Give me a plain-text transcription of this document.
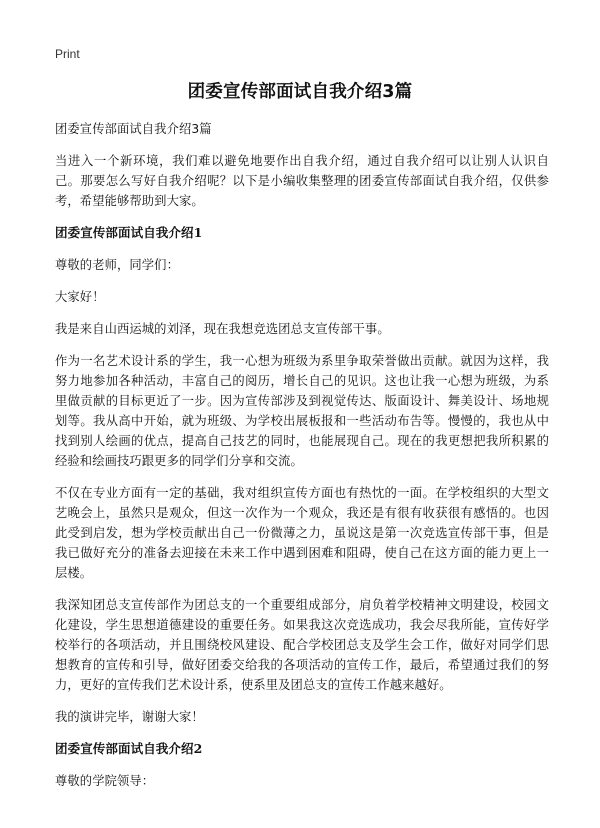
Print
团委宣传部面试自我介绍3篇

团委宣传部面试自我介绍3篇

当进入一个新环境，我们难以避免地要作出自我介绍，通过自我介绍可以让别人认识自己。那要怎么写好自我介绍呢？以下是小编收集整理的团委宣传部面试自我介绍，仅供参考，希望能够帮助到大家。

团委宣传部面试自我介绍1

尊敬的老师，同学们：

大家好！

我是来自山西运城的刘泽，现在我想竞选团总支宣传部干事。

作为一名艺术设计系的学生，我一心想为班级为系里争取荣誉做出贡献。就因为这样，我努力地参加各种活动，丰富自己的阅历，增长自己的见识。这也让我一心想为班级，为系里做贡献的目标更近了一步。因为宣传部涉及到视觉传达、版面设计、舞美设计、场地规划等。我从高中开始，就为班级、为学校出展板报和一些活动布告等。慢慢的，我也从中找到别人绘画的优点，提高自己技艺的同时，也能展现自己。现在的我更想把我所积累的经验和绘画技巧跟更多的同学们分享和交流。

不仅在专业方面有一定的基础，我对组织宣传方面也有热忱的一面。在学校组织的大型文艺晚会上，虽然只是观众，但这一次作为一个观众，我还是有很有收获很有感悟的。也因此受到启发，想为学校贡献出自己一份微薄之力，虽说这是第一次竞选宣传部干事，但是我已做好充分的准备去迎接在未来工作中遇到困难和阻碍，使自己在这方面的能力更上一层楼。

我深知团总支宣传部作为团总支的一个重要组成部分，肩负着学校精神文明建设，校园文化建设，学生思想道德建设的重要任务。如果我这次竞选成功，我会尽我所能，宣传好学校举行的各项活动，并且围绕校风建设、配合学校团总支及学生会工作，做好对同学们思想教育的宣传和引导，做好团委交给我的各项活动的宣传工作，最后，希望通过我们的努力，更好的宣传我们艺术设计系，使系里及团总支的宣传工作越来越好。

我的演讲完毕，谢谢大家！

团委宣传部面试自我介绍2

尊敬的学院领导：
